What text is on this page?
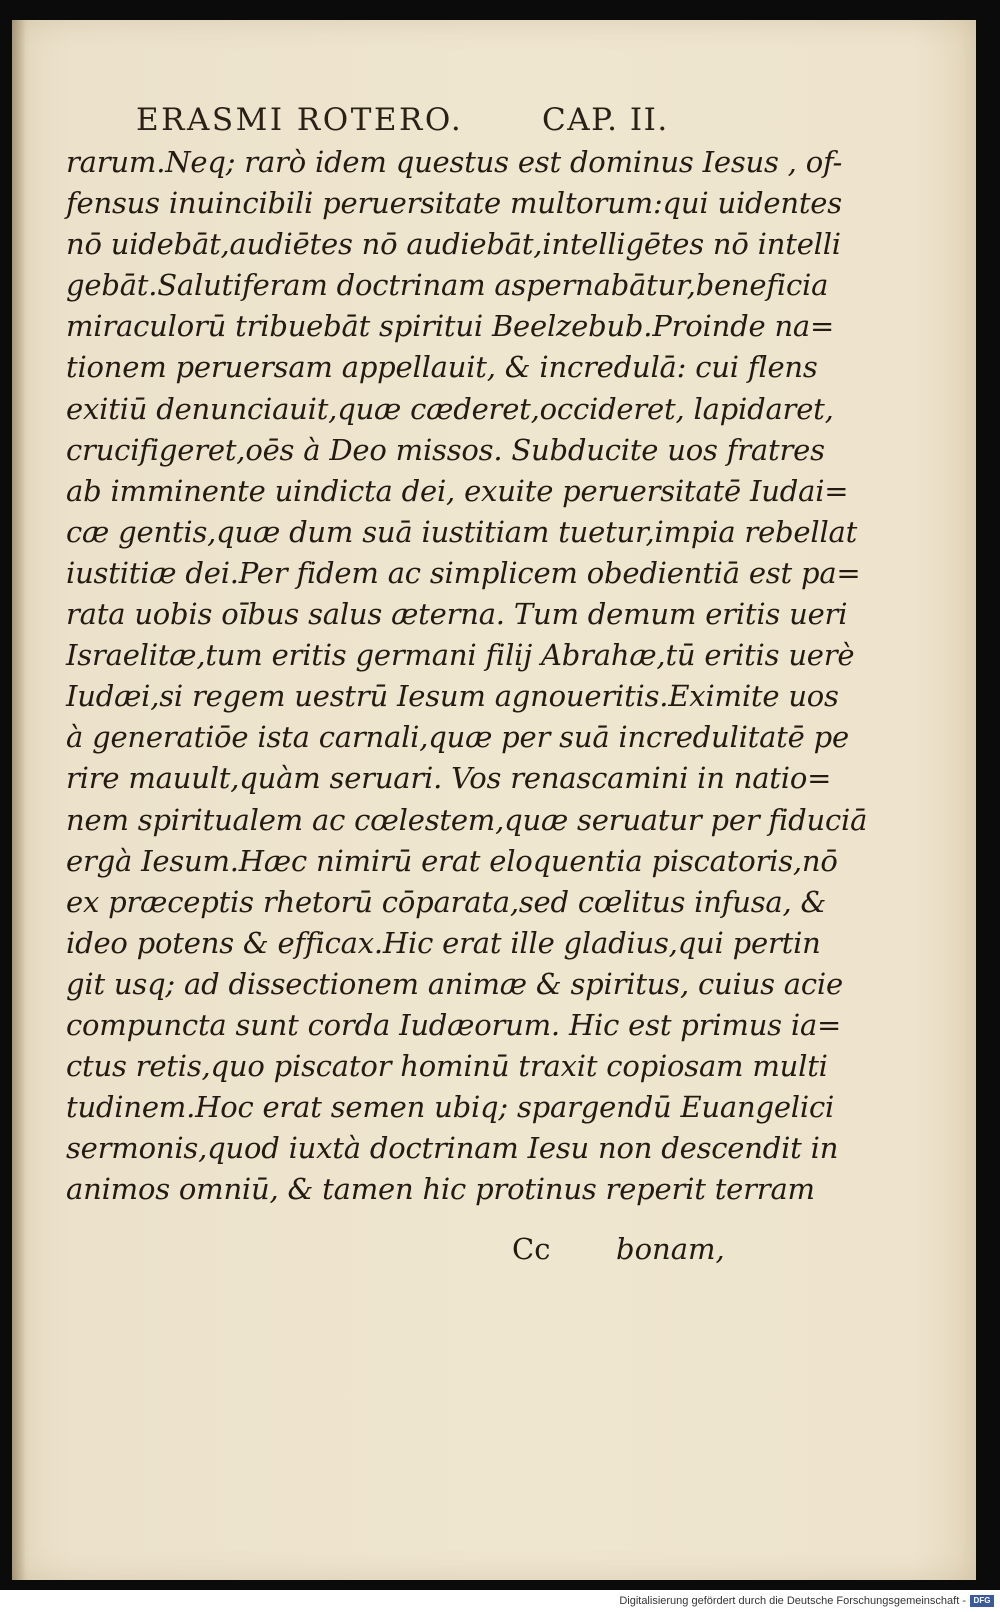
ERASMI ROTERO.	CAP. II.
rarum.Neq; rarò idem questus est dominus Iesus , of-
fensus inuincibili peruersitate multorum:qui uidentes
nō uidebāt,audiētes nō audiebāt,intelligētes nō intelli
gebāt.Salutiferam doctrinam aspernabātur,beneficia
miraculorū tribuebāt spiritui Beelzebub.Proinde na=
tionem peruersam appellauit, & incredulā: cui flens
exitiū denunciauit,quæ cæderet,occideret, lapidaret,
crucifigeret,oēs à Deo missos. Subducite uos fratres
ab imminente uindicta dei, exuite peruersitatē Iudai=
cæ gentis,quæ dum suā iustitiam tuetur,impia rebellat
iustitiæ dei.Per fidem ac simplicem obedientiā est pa=
rata uobis oībus salus æterna. Tum demum eritis ueri
Israelitæ,tum eritis germani filij Abrahæ,tū eritis uerè
Iudæi,si regem uestrū Iesum agnoueritis.Eximite uos
à generatiōe ista carnali,quæ per suā incredulitatē pe
rire mauult,quàm seruari. Vos renascamini in natio=
nem spiritualem ac cœlestem,quæ seruatur per fiduciā
ergà Iesum.Hæc nimirū erat eloquentia piscatoris,nō
ex præceptis rhetorū cōparata,sed cœlitus infusa, &
ideo potens & efficax.Hic erat ille gladius,qui pertin
git usq; ad dissectionem animæ & spiritus, cuius acie
compuncta sunt corda Iudæorum. Hic est primus ia=
ctus retis,quo piscator hominū traxit copiosam multi
tudinem.Hoc erat semen ubiq; spargendū Euangelici
sermonis,quod iuxtà doctrinam Iesu non descendit in
animos omniū, & tamen hic protinus reperit terram
Cc bonam,
Digitalisierung gefördert durch die Deutsche Forschungsgemeinschaft - DFG
